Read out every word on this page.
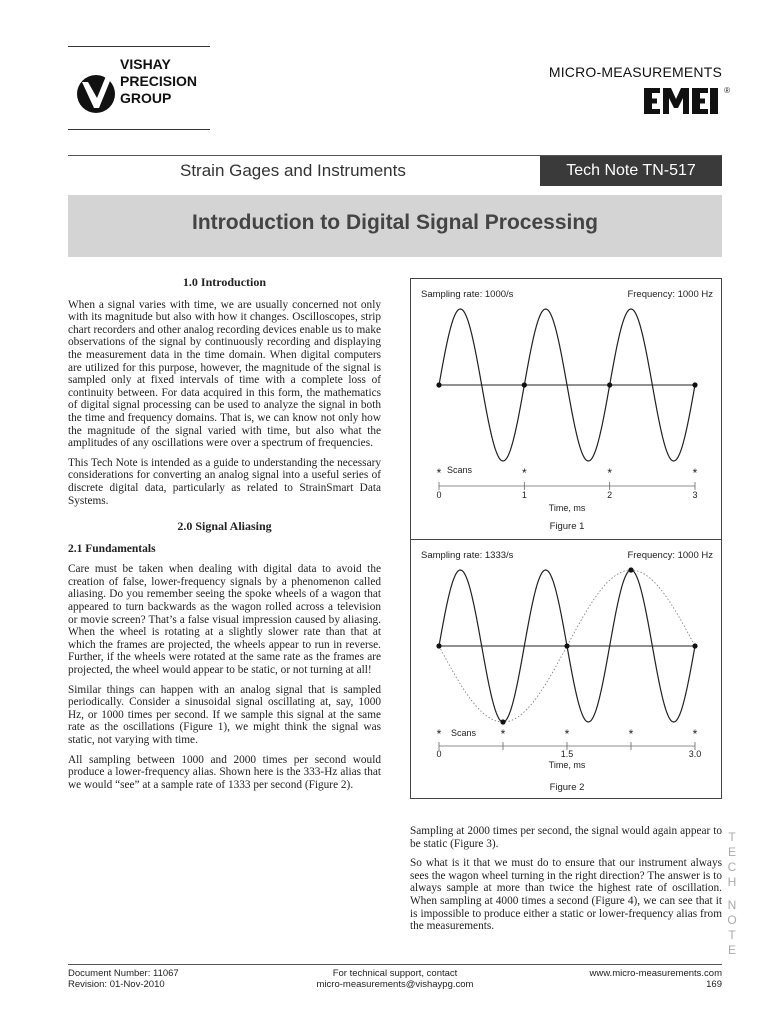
VISHAY
PRECISION
GROUP
MICRO-MEASUREMENTS
®
Strain Gages and Instruments	Tech Note TN-517
Introduction to Digital Signal Processing
1.0 Introduction

When a signal varies with time, we are usually concerned not only with its magnitude but also with how it changes. Oscilloscopes, strip chart recorders and other analog recording devices enable us to make observations of the signal by continuously recording and displaying the measurement data in the time domain. When digital computers are utilized for this purpose, however, the magnitude of the signal is sampled only at fixed intervals of time with a complete loss of continuity between. For data acquired in this form, the mathematics of digital signal processing can be used to analyze the signal in both the time and frequency domains. That is, we can know not only how the magnitude of the signal varied with time, but also what the amplitudes of any oscillations were over a spectrum of frequencies.

This Tech Note is intended as a guide to understanding the necessary considerations for converting an analog signal into a useful series of discrete digital data, particularly as related to StrainSmart Data Systems.

2.0 Signal Aliasing
2.1 Fundamentals

Care must be taken when dealing with digital data to avoid the creation of false, lower-frequency signals by a phenomenon called aliasing. Do you remember seeing the spoke wheels of a wagon that appeared to turn backwards as the wagon rolled across a television or movie screen? That’s a false visual impression caused by aliasing. When the wheel is rotating at a slightly slower rate than that at which the frames are projected, the wheels appear to run in reverse. Further, if the wheels were rotated at the same rate as the frames are projected, the wheel would appear to be static, or not turning at all!

Similar things can happen with an analog signal that is sampled periodically. Consider a sinusoidal signal oscillating at, say, 1000 Hz, or 1000 times per second. If we sample this signal at the same rate as the oscillations (Figure 1), we might think the signal was static, not varying with time.

All sampling between 1000 and 2000 times per second would produce a lower-frequency alias. Shown here is the 333-Hz alias that we would “see” at a sample rate of 1333 per second (Figure 2).

Sampling rate: 1000/s	Frequency: 1000 Hz
*	*	*	*
Scans
0	1	2	3
Time, ms
Figure 1
Sampling rate: 1333/s	Frequency: 1000 Hz
*	*	*	*	*
Scans
0	1.5	3.0
Time, ms
Figure 2

Sampling at 2000 times per second, the signal would again appear to be static (Figure 3).

So what is it that we must do to ensure that our instrument always sees the wagon wheel turning in the right direction? The answer is to always sample at more than twice the highest rate of oscillation. When sampling at 4000 times a second (Figure 4), we can see that it is impossible to produce either a static or lower-frequency alias from the measurements.

T
E
C
H

N
O
T
E
Document Number: 11067
Revision: 01-Nov-2010
For technical support, contact
micro-measurements@vishaypg.com
www.micro-measurements.com
169
